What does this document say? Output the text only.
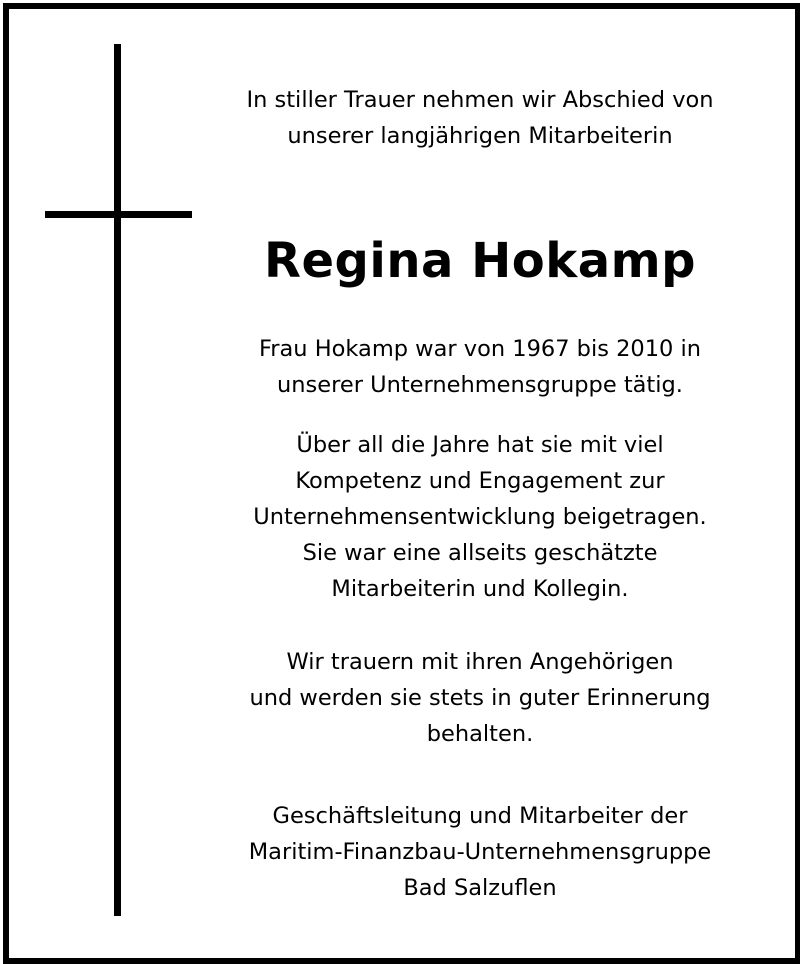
In stiller Trauer nehmen wir Abschied von
unserer langjährigen Mitarbeiterin
Regina Hokamp
Frau Hokamp war von 1967 bis 2010 in
unserer Unternehmensgruppe tätig.
Über all die Jahre hat sie mit viel
Kompetenz und Engagement zur
Unternehmensentwicklung beigetragen.
Sie war eine allseits geschätzte
Mitarbeiterin und Kollegin.
Wir trauern mit ihren Angehörigen
und werden sie stets in guter Erinnerung
behalten.
Geschäftsleitung und Mitarbeiter der
Maritim-Finanzbau-Unternehmensgruppe
Bad Salzuflen
